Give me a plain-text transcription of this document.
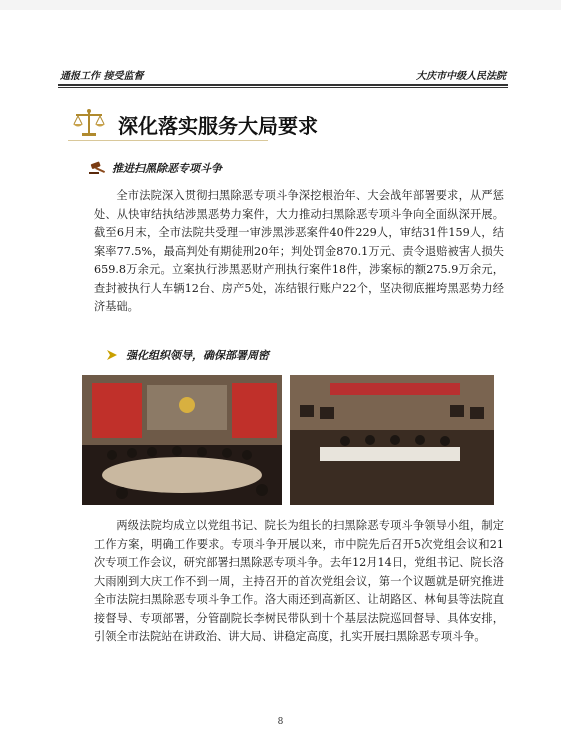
通报工作 接受监督	大庆市中级人民法院
深化落实服务大局要求
推进扫黑除恶专项斗争

全市法院深入贯彻扫黑除恶专项斗争深挖根治年、大会战年部署要求，从严惩处、从快审结执结涉黑恶势力案件，大力推动扫黑除恶专项斗争向全面纵深开展。截至6月末，全市法院共受理一审涉黑涉恶案件40件229人，审结31件159人，结案率77.5%，最高判处有期徒刑20年；判处罚金870.1万元、责令退赔被害人损失659.8万余元。立案执行涉黑恶财产刑执行案件18件，涉案标的额275.9万余元，查封被执行人车辆12台、房产5处，冻结银行账户22个，坚决彻底摧垮黑恶势力经济基础。

强化组织领导，确保部署周密

两级法院均成立以党组书记、院长为组长的扫黑除恶专项斗争领导小组，制定工作方案，明确工作要求。专项斗争开展以来，市中院先后召开5次党组会议和21次专项工作会议，研究部署扫黑除恶专项斗争。去年12月14日，党组书记、院长洛大雨刚到大庆工作不到一周，主持召开的首次党组会议，第一个议题就是研究推进全市法院扫黑除恶专项斗争工作。洛大雨还到高新区、让胡路区、林甸县等法院直接督导、专项部署，分管副院长李树民带队到十个基层法院巡回督导、具体安排，引领全市法院站在讲政治、讲大局、讲稳定高度，扎实开展扫黑除恶专项斗争。

8
